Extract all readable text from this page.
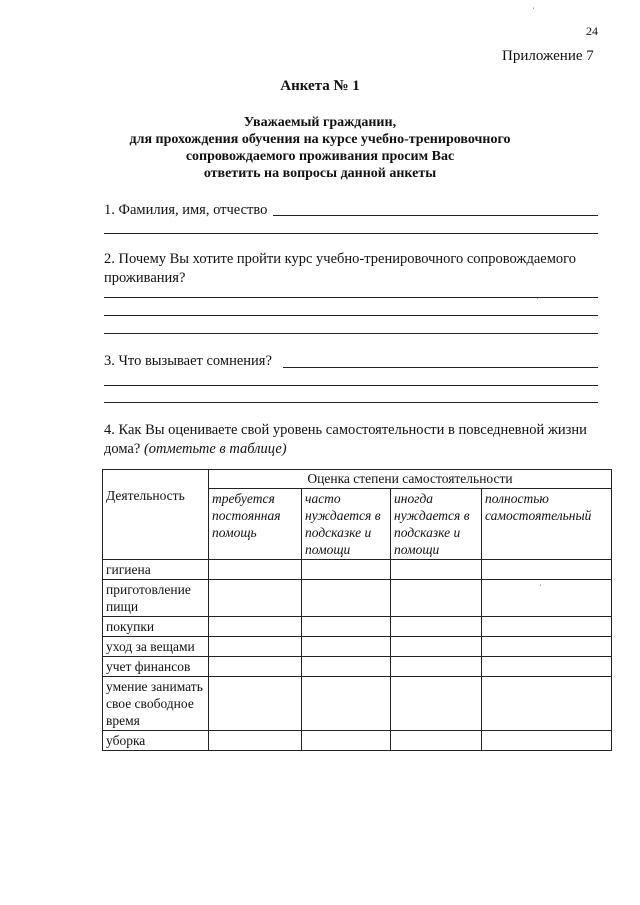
24
Приложение 7
Анкета № 1
Уважаемый гражданин,
для прохождения обучения на курсе учебно-тренировочного
сопровождаемого проживания просим Вас
ответить на вопросы данной анкеты
1. Фамилия, имя, отчество
2. Почему Вы хотите пройти курс учебно-тренировочного сопровождаемого
проживания?
3. Что вызывает сомнения?
4. Как Вы оцениваете свой уровень самостоятельности в повседневной жизни
дома? (отметьте в таблице)
Деятельность	Оценка степени самостоятельности			
	требуется постоянная помощь	часто нуждается в подсказке и помощи	иногда нуждается в подсказке и помощи	полностью самостоятельный
гигиена				
приготовление пищи				
покупки				
уход за вещами				
учет финансов				
умение занимать свое свободное время				
уборка				
ˈ
ˈ
ˈ
